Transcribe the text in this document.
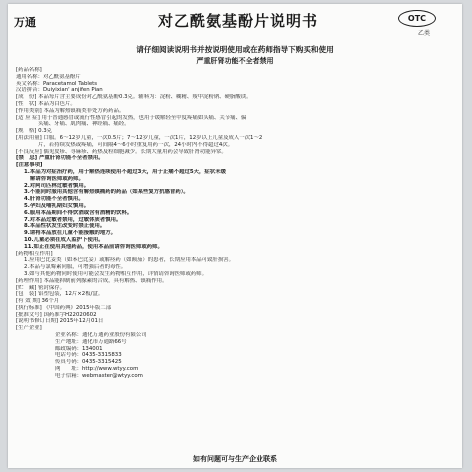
万通	对乙酰氨基酚片说明书	OTC
乙类
请仔细阅读说明书并按说明使用或在药师指导下购买和使用
严重肝肾功能不全者禁用
[药品名称]
通用名称：对乙酰氨基酚片
英文名称：Paracetamol Tablets
汉语拼音：Duiyixian' anjifen Pian
[成　份] 本品每片含主要成份对乙酰氨基酚0.3克。辅料为：淀粉、糊精、羧甲淀粉钠、硬脂酸镁。
[性　状] 本品为白色片。
[作用类别] 本品为解热镇痛类非处方药药品。
[适 应 症] 用于普通感冒或流行性感冒引起的发热，也用于缓解轻至中度疼痛如头痛、关节痛、偏
头痛、牙痛、肌肉痛、神经痛、痛经。
[规　格] 0.3克
[用法用量] 口服。6～12岁儿童，一次0.5片；7～12岁儿童，一次1片，12岁以上儿童及成人一次1～2
片，若持续发热或疼痛，可间隔4～6小时重复用药一次，24小时内不得超过4次。
[不良反应] 偶见皮疹、荨麻疹、药热及粒细胞减少。长期大量用药会导致肝肾功能异常。
[禁　忌] 严重肝肾功能不全者禁用。
[注意事项]
1.本品为对症治疗药，用于解热连续使用不超过3天，用于止痛不超过5天，症状未缓
解请咨询医师或药师。
2.对阿司匹林过敏者慎用。
3.不能同时服用其他含有解热镇痛药的药品（如某些复方抗感冒药）。
4.肝肾功能不全者慎用。
5.孕妇及哺乳期妇女慎用。
6.服用本品期间不得饮酒或含有酒精的饮料。
7.对本品过敏者禁用，过敏体质者慎用。
8.本品性状发生改变时禁止使用。
9.请将本品放在儿童不能接触的地方。
10.儿童必须在成人监护下使用。
11.如正在使用其他药品，使用本品前请咨询医师或药师。
[药物相互作用]
1.应用巴比妥类（如苯巴比妥）或解痉药（如颠茄）的患者，长期应用本品可致肝损害。
2.本品与氯霉素同服，可增强后者的毒性。
3.如与其他药物同时使用可能会发生药物相互作用，详情请咨询医师或药师。
[药理作用] 本品能抑制前列腺素的合成，具有解热、镇痛作用。
[贮　藏] 密封保存。
[包　装] 铝塑包装，12片×2板/盒。
[有 效 期] 36个月
[执行标准] 《中国药典》2015年版二部
[批准文号] 国药准字H22020602
[说明书修订日期] 2015年12月01日
[生产企业]
企业名称：通化万通药业股份有限公司
生产地址：通化市万通路66号
邮政编码：134001
电话号码：0435-3315833
传真号码：0435-3315425
网　　址：http://www.wtyy.com
电子信箱：webmaster@wtyy.com
如有问题可与生产企业联系
